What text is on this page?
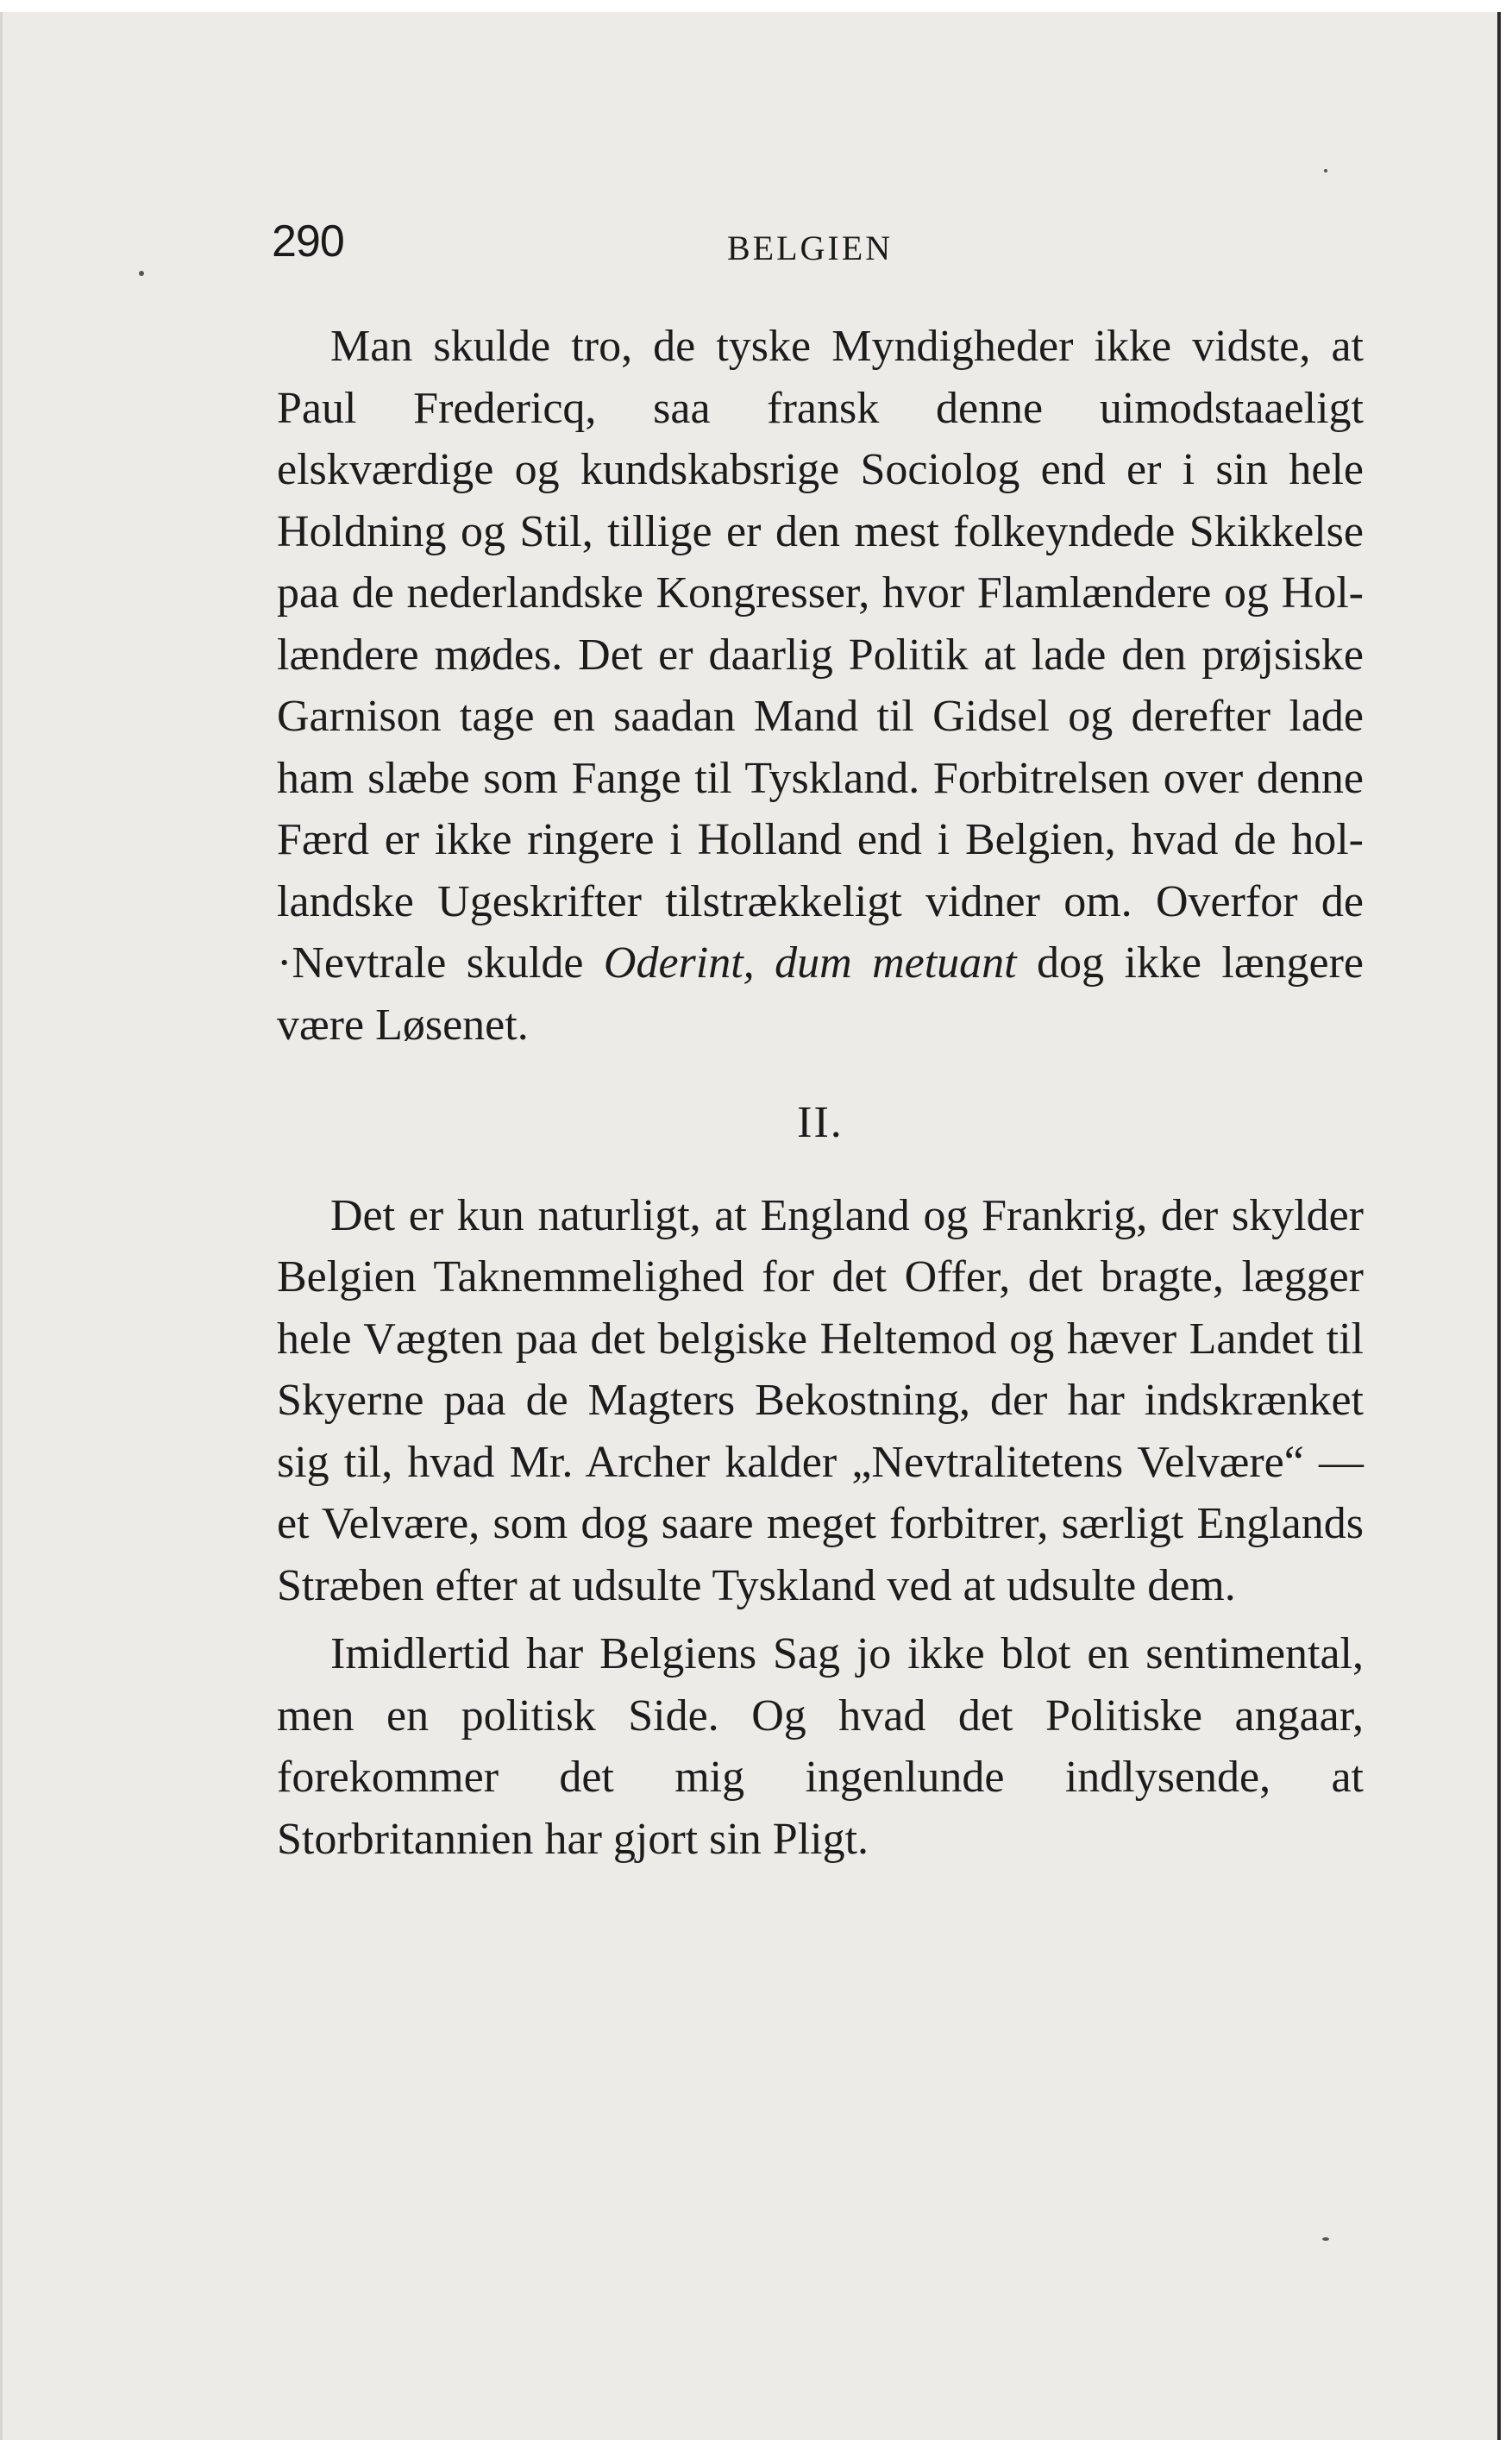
290	BELGIEN

Man skulde tro, de tyske Myndigheder ikke vidste, at Paul Fredericq, saa fransk denne uimodstaaeligt elskværdige og kundskabsrige Sociolog end er i sin hele Holdning og Stil, tillige er den mest folkeyndede Skikkelse paa de nederlandske Kongresser, hvor Flamlændere og Hollændere mødes. Det er daarlig Politik at lade den prøjsiske Garnison tage en saadan Mand til Gidsel og derefter lade ham slæbe som Fange til Tyskland. Forbitrelsen over denne Færd er ikke ringere i Holland end i Belgien, hvad de hollandske Ugeskrifter tilstrækkeligt vidner om. Overfor de ·Nevtrale skulde Oderint, dum metuant dog ikke længere være Løsenet.

II.

Det er kun naturligt, at England og Frankrig, der skylder Belgien Taknemmelighed for det Offer, det bragte, lægger hele Vægten paa det belgiske Heltemod og hæver Landet til Skyerne paa de Magters Bekostning, der har indskrænket sig til, hvad Mr. Archer kalder „Nevtralitetens Velvære“ — et Velvære, som dog saare meget forbitrer, særligt Englands Stræben efter at udsulte Tyskland ved at udsulte dem.

Imidlertid har Belgiens Sag jo ikke blot en sentimental, men en politisk Side. Og hvad det Politiske angaar, forekommer det mig ingenlunde indlysende, at Storbritannien har gjort sin Pligt.
